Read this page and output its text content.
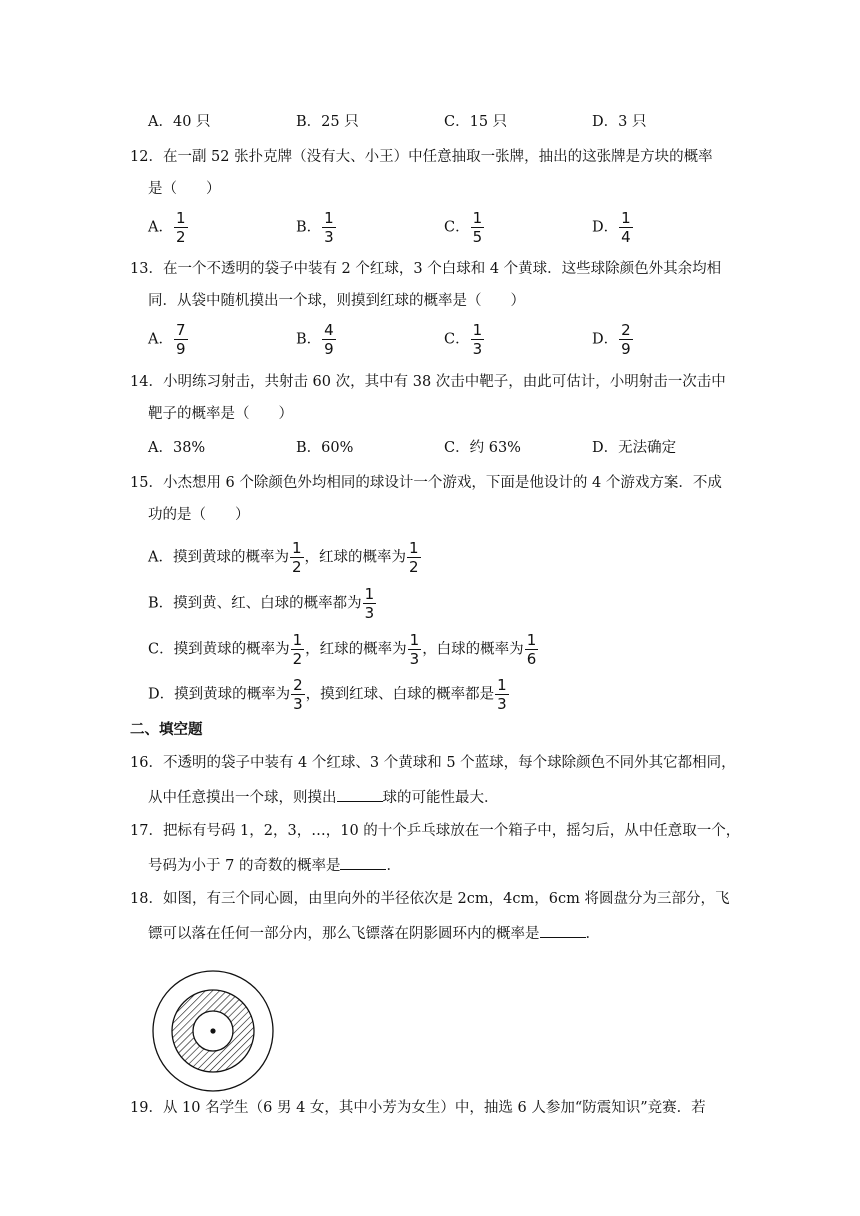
A．40 只	B．25 只	C．15 只	D．3 只
12．在一副 52 张扑克牌（没有大、小王）中任意抽取一张牌，抽出的这张牌是方块的概率
是（　　）
A． $\frac{1}{2}$	B． $\frac{1}{3}$	C． $\frac{1}{5}$	D． $\frac{1}{4}$
13．在一个不透明的袋子中装有 2 个红球，3 个白球和 4 个黄球．这些球除颜色外其余均相
同．从袋中随机摸出一个球，则摸到红球的概率是（　　）
A． $\frac{7}{9}$	B． $\frac{4}{9}$	C． $\frac{1}{3}$	D． $\frac{2}{9}$
14．小明练习射击，共射击 60 次，其中有 38 次击中靶子，由此可估计，小明射击一次击中
靶子的概率是（　　）
A．38%	B．60%	C．约 63%	D．无法确定
15．小杰想用 6 个除颜色外均相同的球设计一个游戏，下面是他设计的 4 个游戏方案．不成
功的是（　　）
A．摸到黄球的概率为 $\frac{1}{2}$ ，红球的概率为 $\frac{1}{2}$
B．摸到黄、红、白球的概率都为 $\frac{1}{3}$
C．摸到黄球的概率为 $\frac{1}{2}$ ，红球的概率为 $\frac{1}{3}$ ，白球的概率为 $\frac{1}{6}$
D．摸到黄球的概率为 $\frac{2}{3}$ ，摸到红球、白球的概率都是 $\frac{1}{3}$
二、填空题
16．不透明的袋子中装有 4 个红球、3 个黄球和 5 个蓝球，每个球除颜色不同外其它都相同，
从中任意摸出一个球，则摸出	球的可能性最大．
17．把标有号码 1，2，3，…，10 的十个乒乓球放在一个箱子中，摇匀后，从中任意取一个，
号码为小于 7 的奇数的概率是	．
18．如图，有三个同心圆，由里向外的半径依次是 2cm，4cm，6cm 将圆盘分为三部分，飞
镖可以落在任何一部分内，那么飞镖落在阴影圆环内的概率是	．
19．从 10 名学生（6 男 4 女，其中小芳为女生）中，抽选 6 人参加“防震知识”竞赛．若
